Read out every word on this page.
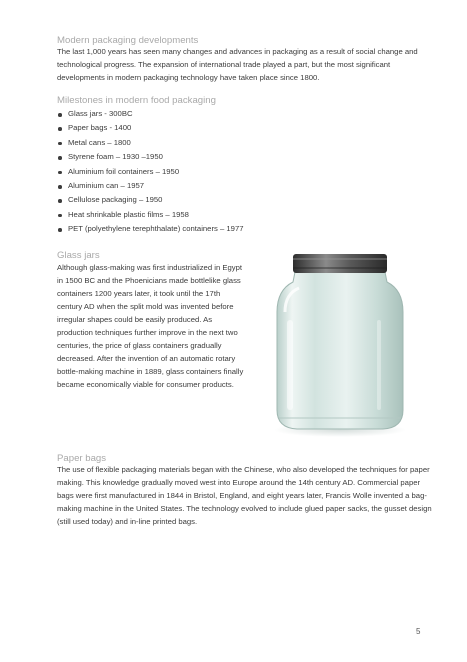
Modern packaging developments

The last 1,000 years has seen many changes and advances in packaging as a result of social change and technological progress. The expansion of international trade played a part, but the most significant developments in modern packaging technology have taken place since 1800.

Milestones in modern food packaging
Glass jars - 300BC
Paper bags - 1400
Metal cans – 1800
Styrene foam – 1930 –1950
Aluminium foil containers – 1950
Aluminium can – 1957
Cellulose packaging – 1950
Heat shrinkable plastic films – 1958
PET (polyethylene terephthalate) containers – 1977
Glass jars

Although glass-making was first industrialized in Egypt in 1500 BC and the Phoenicians made bottlelike glass containers 1200 years later, it took until the 17th century AD when the split mold was invented before irregular shapes could be easily produced. As production techniques further improve in the next two centuries, the price of glass containers gradually decreased. After the invention of an automatic rotary bottle-making machine in 1889, glass containers finally became economically viable for consumer products.

Paper bags

The use of flexible packaging materials began with the Chinese, who also developed the techniques for paper making. This knowledge gradually moved west into Europe around the 14th century AD. Commercial paper bags were first manufactured in 1844 in Bristol, England, and eight years later, Francis Wolle invented a bag-making machine in the United States. The technology evolved to include glued paper sacks, the gusset design (still used today) and in-line printed bags.

5
